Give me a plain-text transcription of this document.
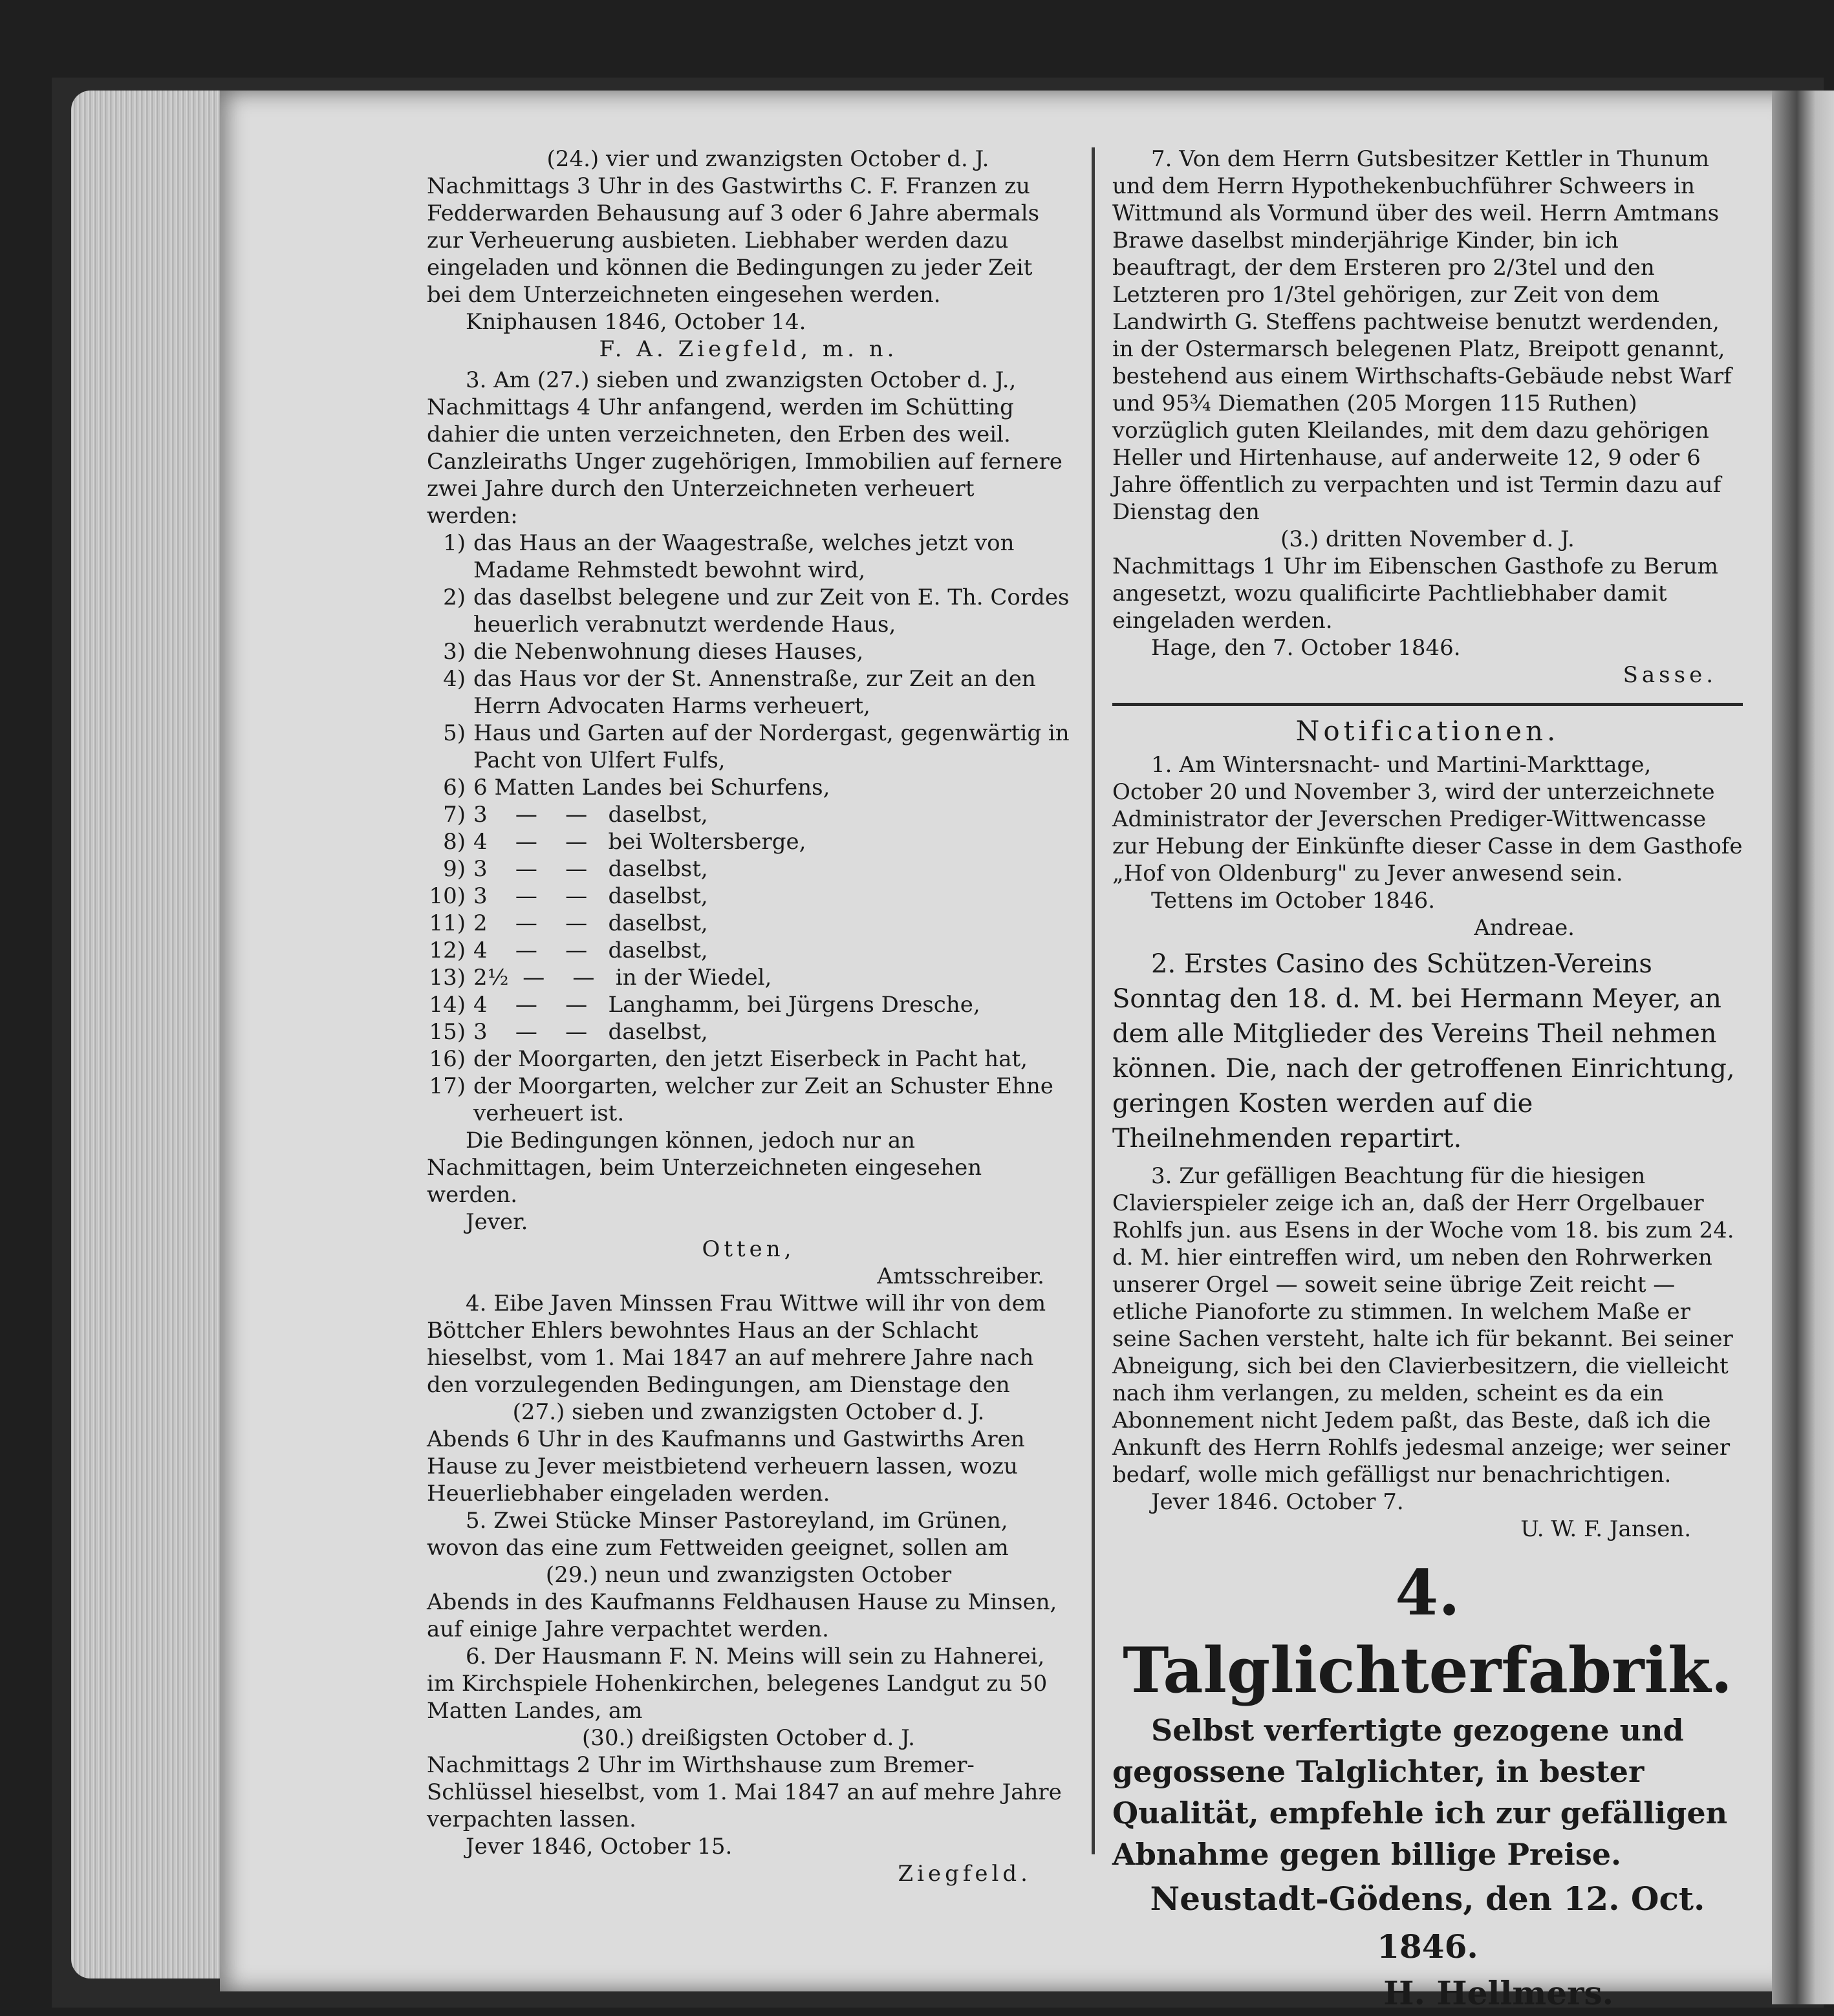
(24.) vier und zwanzigsten October d. J.

Nachmittags 3 Uhr in des Gastwirths C. F. Franzen zu Fedderwarden Behausung auf 3 oder 6 Jahre abermals zur Verheuerung ausbieten. Liebhaber werden dazu eingeladen und können die Bedingungen zu jeder Zeit bei dem Unterzeichneten eingesehen werden.

Kniphausen 1846, October 14.

F. A. Ziegfeld, m. n.

3. Am (27.) sieben und zwanzigsten October d. J., Nachmittags 4 Uhr anfangend, werden im Schütting dahier die unten verzeichneten, den Erben des weil. Canzleiraths Unger zugehörigen, Immobilien auf fernere zwei Jahre durch den Unterzeichneten verheuert werden:

1) das Haus an der Waagestraße, welches jetzt von Madame Rehmstedt bewohnt wird,
2) das daselbst belegene und zur Zeit von E. Th. Cordes heuerlich verabnutzt werdende Haus,
3) die Nebenwohnung dieses Hauses,
4) das Haus vor der St. Annenstraße, zur Zeit an den Herrn Advocaten Harms verheuert,
5) Haus und Garten auf der Nordergast, gegenwärtig in Pacht von Ulfert Fulfs,
6) 6 Matten Landes bei Schurfens,
7) 3    —    —   daselbst,
8) 4    —    —   bei Woltersberge,
9) 3    —    —   daselbst,
10) 3    —    —   daselbst,
11) 2    —    —   daselbst,
12) 4    —    —   daselbst,
13) 2½  —    —   in der Wiedel,
14) 4    —    —   Langhamm, bei Jürgens Dresche,
15) 3    —    —   daselbst,
16) der Moorgarten, den jetzt Eiserbeck in Pacht hat,
17) der Moorgarten, welcher zur Zeit an Schuster Ehne verheuert ist.

Die Bedingungen können, jedoch nur an Nachmittagen, beim Unterzeichneten eingesehen werden.

Jever.

Otten,

Amtsschreiber.

4. Eibe Javen Minssen Frau Wittwe will ihr von dem Böttcher Ehlers bewohntes Haus an der Schlacht hieselbst, vom 1. Mai 1847 an auf mehrere Jahre nach den vorzulegenden Bedingungen, am Dienstage den

(27.) sieben und zwanzigsten October d. J.

Abends 6 Uhr in des Kaufmanns und Gastwirths Aren Hause zu Jever meistbietend verheuern lassen, wozu Heuerliebhaber eingeladen werden.

5. Zwei Stücke Minser Pastoreyland, im Grünen, wovon das eine zum Fettweiden geeignet, sollen am

(29.) neun und zwanzigsten October

Abends in des Kaufmanns Feldhausen Hause zu Minsen, auf einige Jahre verpachtet werden.

6. Der Hausmann F. N. Meins will sein zu Hahnerei, im Kirchspiele Hohenkirchen, belegenes Landgut zu 50 Matten Landes, am

(30.) dreißigsten October d. J.

Nachmittags 2 Uhr im Wirthshause zum Bremer-Schlüssel hieselbst, vom 1. Mai 1847 an auf mehre Jahre verpachten lassen.

Jever 1846, October 15.

Ziegfeld.

7. Von dem Herrn Gutsbesitzer Kettler in Thunum und dem Herrn Hypothekenbuchführer Schweers in Wittmund als Vormund über des weil. Herrn Amtmans Brawe daselbst minderjährige Kinder, bin ich beauftragt, der dem Ersteren pro 2/3tel und den Letzteren pro 1/3tel gehörigen, zur Zeit von dem Landwirth G. Steffens pachtweise benutzt werdenden, in der Ostermarsch belegenen Platz, Breipott genannt, bestehend aus einem Wirthschafts-Gebäude nebst Warf und 95¾ Diemathen (205 Morgen 115 Ruthen) vorzüglich guten Kleilandes, mit dem dazu gehörigen Heller und Hirtenhause, auf anderweite 12, 9 oder 6 Jahre öffentlich zu verpachten und ist Termin dazu auf Dienstag den

(3.) dritten November d. J.

Nachmittags 1 Uhr im Eibenschen Gasthofe zu Berum angesetzt, wozu qualificirte Pachtliebhaber damit eingeladen werden.

Hage, den 7. October 1846.

Sasse.

Notificationen.

1. Am Wintersnacht- und Martini-Markttage, October 20 und November 3, wird der unterzeichnete Administrator der Jeverschen Prediger-Wittwencasse zur Hebung der Einkünfte dieser Casse in dem Gasthofe „Hof von Oldenburg" zu Jever anwesend sein.

Tettens im October 1846.

Andreae.

2. Erstes Casino des Schützen-Vereins Sonntag den 18. d. M. bei Hermann Meyer, an dem alle Mitglieder des Vereins Theil nehmen können. Die, nach der getroffenen Einrichtung, geringen Kosten werden auf die Theilnehmenden repartirt.

3. Zur gefälligen Beachtung für die hiesigen Clavierspieler zeige ich an, daß der Herr Orgelbauer Rohlfs jun. aus Esens in der Woche vom 18. bis zum 24. d. M. hier eintreffen wird, um neben den Rohrwerken unserer Orgel — soweit seine übrige Zeit reicht — etliche Pianoforte zu stimmen. In welchem Maße er seine Sachen versteht, halte ich für bekannt. Bei seiner Abneigung, sich bei den Clavierbesitzern, die vielleicht nach ihm verlangen, zu melden, scheint es da ein Abonnement nicht Jedem paßt, das Beste, daß ich die Ankunft des Herrn Rohlfs jedesmal anzeige; wer seiner bedarf, wolle mich gefälligst nur benachrichtigen.

Jever 1846. October 7.

U. W. F. Jansen.

4. Talglichterfabrik.

Selbst verfertigte gezogene und gegossene Talglichter, in bester Qualität, empfehle ich zur gefälligen Abnahme gegen billige Preise.

Neustadt-Gödens, den 12. Oct. 1846.

H. Hellmers.
